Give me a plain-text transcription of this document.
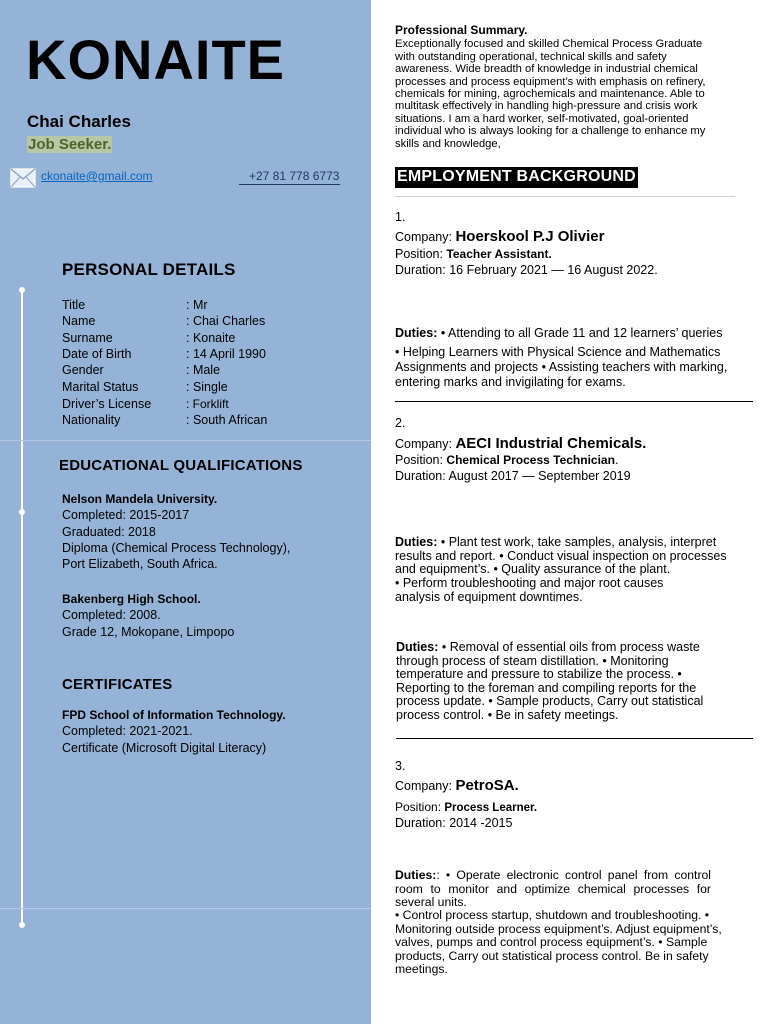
KONAITE
Chai Charles
Job Seeker.
ckonaite@gmail.com	+27 81 778 6773
PERSONAL DETAILS
Title	: Mr
Name	: Chai Charles
Surname	: Konaite
Date of Birth	: 14 April 1990
Gender	: Male
Marital Status	: Single
Driver’s License	: Forklift
Nationality	: South African
EDUCATIONAL QUALIFICATIONS
Nelson Mandela University.
Completed: 2015-2017
Graduated: 2018
Diploma (Chemical Process Technology),
Port Elizabeth, South Africa.
Bakenberg High School.
Completed: 2008.
Grade 12, Mokopane, Limpopo
CERTIFICATES
FPD School of Information Technology.
Completed: 2021-2021.
Certificate (Microsoft Digital Literacy)
Professional Summary.
Exceptionally focused and skilled Chemical Process Graduate with outstanding operational, technical skills and safety awareness. Wide breadth of knowledge in industrial chemical processes and process equipment’s with emphasis on refinery, chemicals for mining, agrochemicals and maintenance. Able to multitask effectively in handling high-pressure and crisis work situations. I am a hard worker, self-motivated, goal-oriented individual who is always looking for a challenge to enhance my skills and knowledge,
EMPLOYMENT BACKGROUND
1.
Company: Hoerskool P.J Olivier
Position: Teacher Assistant.
Duration: 16 February 2021 — 16 August 2022.
Duties: • Attending to all Grade 11 and 12 learners’ queries
• Helping Learners with Physical Science and Mathematics Assignments and projects • Assisting teachers with marking, entering marks and invigilating for exams.
2.
Company: AECI Industrial Chemicals.
Position: Chemical Process Technician.
Duration: August 2017 — September 2019
Duties: • Plant test work, take samples, analysis, interpret results and report. • Conduct visual inspection on processes and equipment’s. • Quality assurance of the plant.
• Perform troubleshooting and major root causes analysis of equipment downtimes.
Duties: • Removal of essential oils from process waste through process of steam distillation. • Monitoring temperature and pressure to stabilize the process. • Reporting to the foreman and compiling reports for the process update. • Sample products, Carry out statistical process control. • Be in safety meetings.
3.
Company: PetroSA.
Position: Process Learner.
Duration: 2014 -2015
Duties:: • Operate electronic control panel from control room to monitor and optimize chemical processes for several units.
• Control process startup, shutdown and troubleshooting. • Monitoring outside process equipment’s. Adjust equipment’s, valves, pumps and control process equipment’s. • Sample products, Carry out statistical process control. Be in safety meetings.
